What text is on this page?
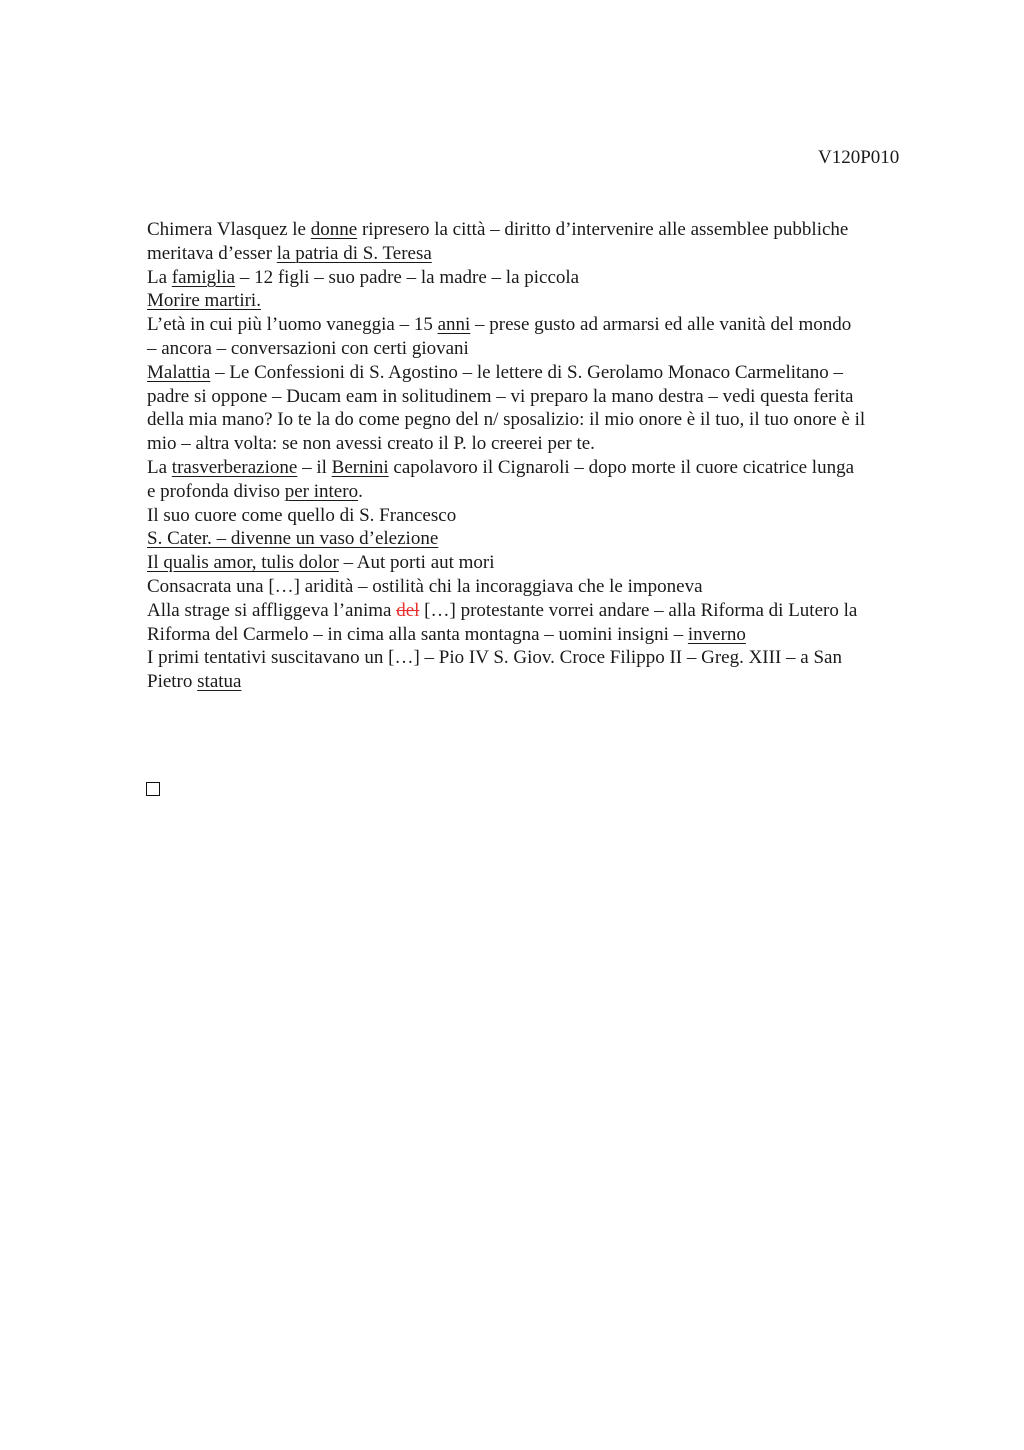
V120P010
Chimera Vlasquez le donne ripresero la città – diritto d’intervenire alle assemblee pubbliche
meritava d’esser la patria di S. Teresa
La famiglia – 12 figli – suo padre – la madre – la piccola
Morire martiri.
L’età in cui più l’uomo vaneggia – 15 anni – prese gusto ad armarsi ed alle vanità del mondo
– ancora – conversazioni con certi giovani
Malattia – Le Confessioni di S. Agostino – le lettere di S. Gerolamo Monaco Carmelitano –
padre si oppone – Ducam eam in solitudinem – vi preparo la mano destra – vedi questa ferita
della mia mano? Io te la do come pegno del n/ sposalizio: il mio onore è il tuo, il tuo onore è il
mio – altra volta: se non avessi creato il P. lo creerei per te.
La trasverberazione – il Bernini capolavoro il Cignaroli – dopo morte il cuore cicatrice lunga
e profonda diviso per intero.
Il suo cuore come quello di S. Francesco
S. Cater. – divenne un vaso d’elezione
Il qualis amor, tulis dolor – Aut porti aut mori
Consacrata una […] aridità – ostilità chi la incoraggiava che le imponeva
Alla strage si affliggeva l’anima del […] protestante vorrei andare – alla Riforma di Lutero la
Riforma del Carmelo – in cima alla santa montagna – uomini insigni – inverno
I primi tentativi suscitavano un […] – Pio IV S. Giov. Croce Filippo II – Greg. XIII – a San
Pietro statua
